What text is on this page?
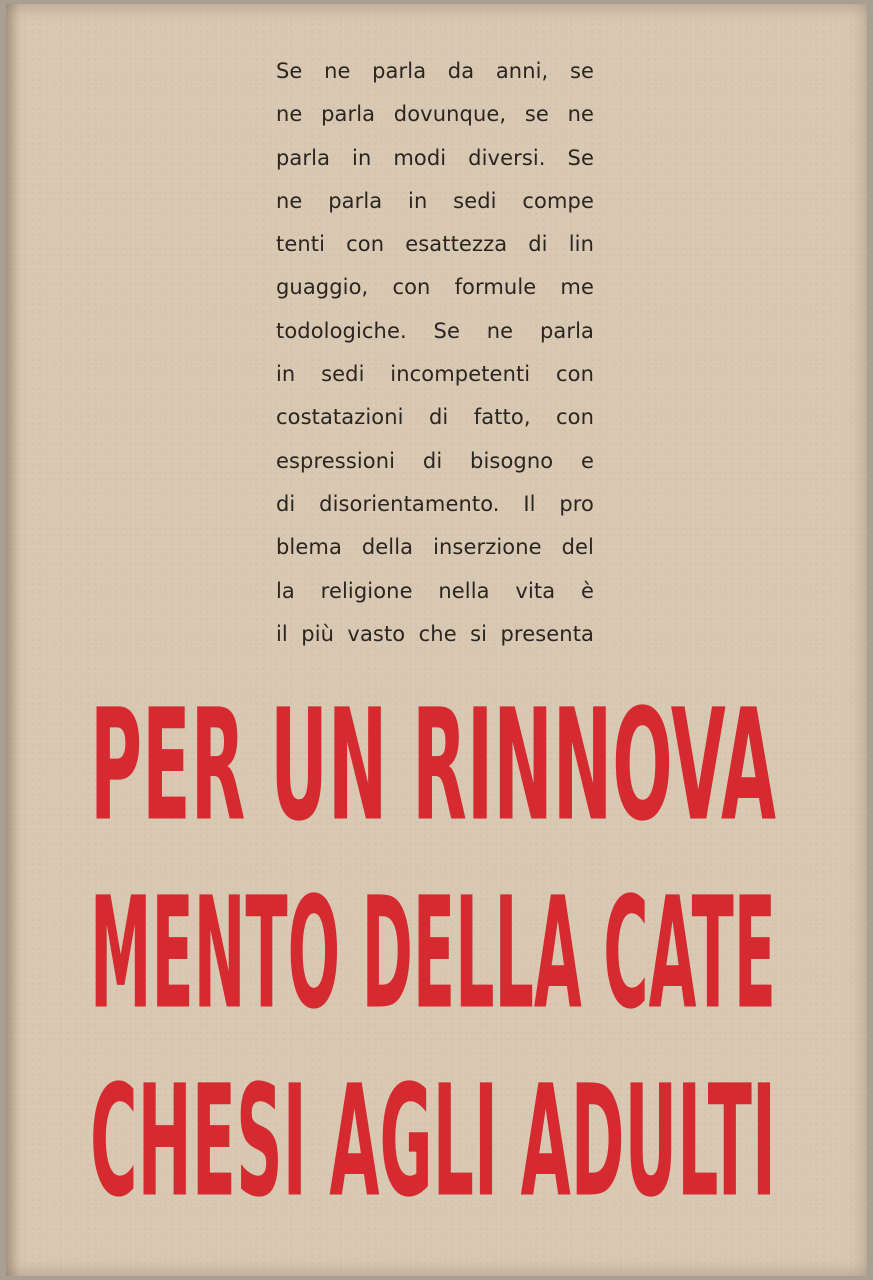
Se ne parla da anni, se
ne parla dovunque, se ne
parla in modi diversi. Se
ne parla in sedi compe
tenti con esattezza di lin
guaggio, con formule me
todologiche. Se ne parla
in sedi incompetenti con
costatazioni di fatto, con
espressioni di bisogno e
di disorientamento. Il pro
blema della inserzione del
la religione nella vita è
il più vasto che si presenta
PER UN RINNOVA
MENTO DELLA CATE
CHESI AGLI ADULTI
